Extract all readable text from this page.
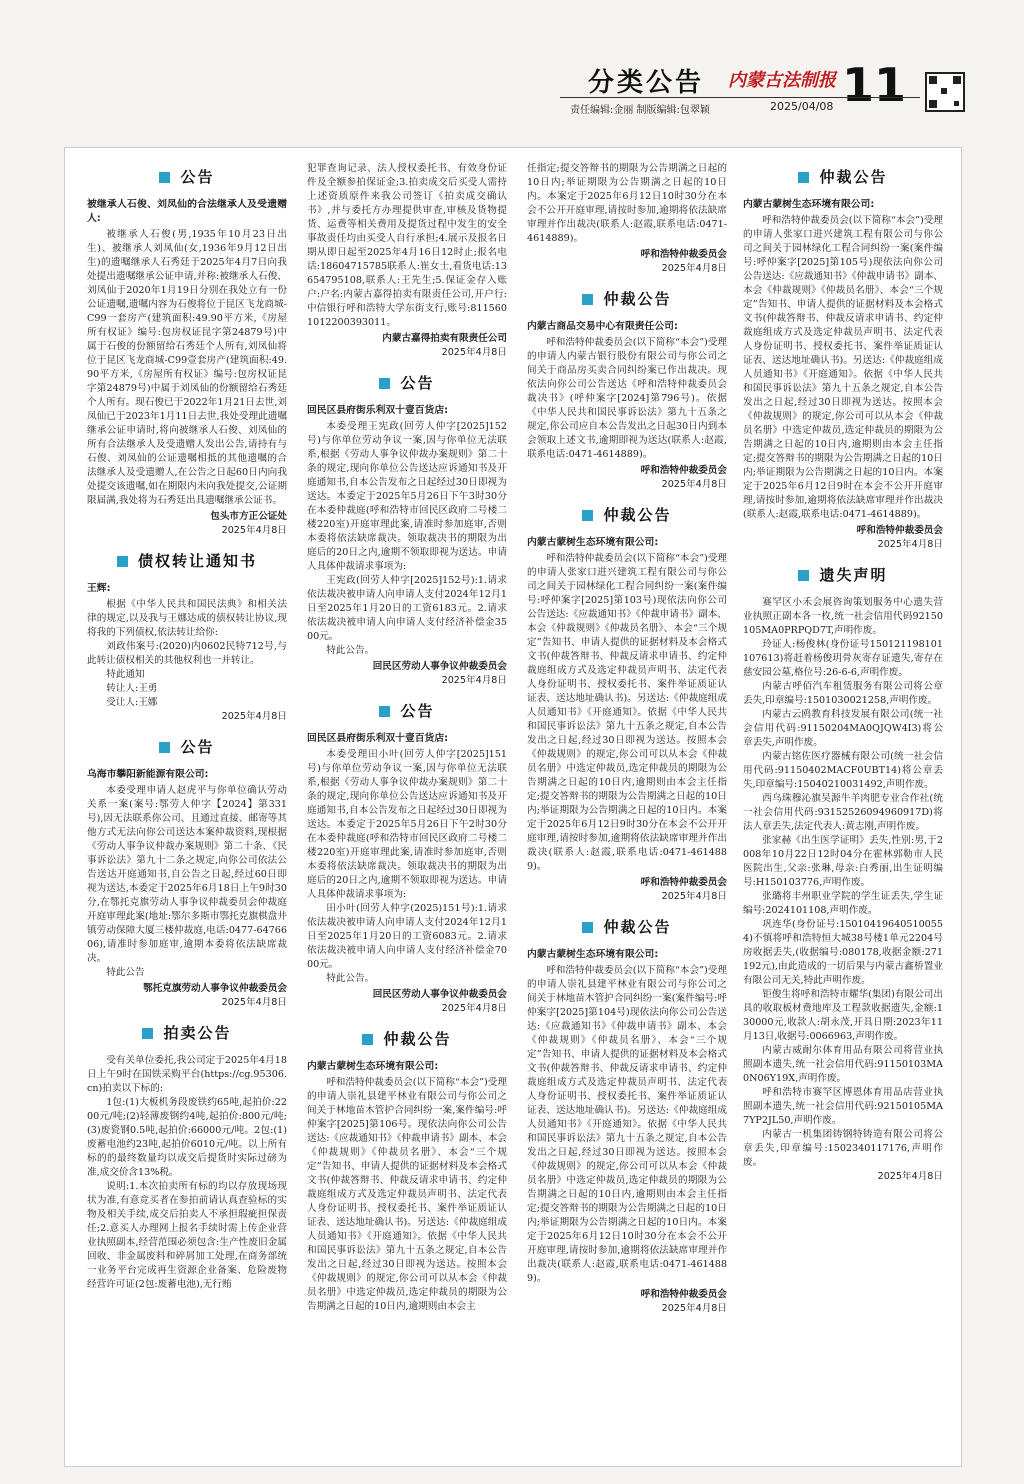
分类公告 内蒙古法制报 11
责任编辑:金丽 制版编辑:包翠颖	2025/04/08
公告
被继承人石俊、刘凤仙的合法继承人及受遗赠人:

被继承人石俊(男,1935年10月23日出生)、被继承人刘凤仙(女,1936年9月12日出生)的遗嘱继承人石秀廷于2025年4月7日向我处提出遗嘱继承公证申请,并称:被继承人石俊、刘凤仙于2020年1月19日分别在我处立有一份公证遗嘱,遗嘱内容为石俊将位于昆区飞龙商城-C99一套房产(建筑面积:49.90平方米,《房屋所有权证》编号:包房权证昆字第24879号)中属于石俊的份额留给石秀廷个人所有,刘凤仙将位于昆区飞龙商城-C99壹套房产(建筑面积:49.90平方米,《房屋所有权证》编号:包房权证昆字第24879号)中属于刘凤仙的份额留给石秀廷个人所有。现石俊已于2022年1月21日去世,刘凤仙已于2023年1月11日去世,我处受理此遗嘱继承公证申请时,将向被继承人石俊、刘凤仙的所有合法继承人及受遗赠人发出公告,请持有与石俊、刘凤仙的公证遗嘱相抵的其他遗嘱的合法继承人及受遗赠人,在公告之日起60日内向我处提交该遗嘱,如在期限内未向我处提交,公证期限届满,我处将为石秀廷出具遗嘱继承公证书。

包头市方正公证处

2025年4月8日

债权转让通知书
王辉:

根据《中华人民共和国民法典》和相关法律的规定,以及我与王娜达成的债权转让协议,现将我的下列债权,依法转让给你:

刘政伟案号:(2020)内0602民特712号,与此转让债权相关的其他权利也一并转让。

特此通知

转让人:王勇

受让人:王娜

2025年4月8日

公告
乌海市攀阳新能源有限公司:

本委受理申请人赵虎平与你单位确认劳动关系一案(案号:鄂劳人仲字【2024】第331号),因无法联系你公司、且通过直接、邮寄等其他方式无法向你公司送达本案仲裁资料,现根据《劳动人事争议仲裁办案规则》第二十条、《民事诉讼法》第九十二条之规定,向你公司依法公告送达开庭通知书,自公告之日起,经过60日即视为送达,本委定于2025年6月18日上午9时30分,在鄂托克旗劳动人事争议仲裁委员会仲裁庭开庭审理此案(地址:鄂尔多斯市鄂托克旗棋盘井镇劳动保障大厦三楼仲裁庭,电话:0477-6476606),请准时参加庭审,逾期本委将依法缺席裁决。

特此公告

鄂托克旗劳动人事争议仲裁委员会

2025年4月8日

拍卖公告

受有关单位委托,我公司定于2025年4月18日上午9时在国铁采购平台(https://cg.95306.cn)拍卖以下标的:

1包:(1)大板机务段废铁约65吨,起拍价:2200元/吨;(2)轻薄废钢约4吨,起拍价:800元/吨;(3)废瓷钢0.5吨,起拍价:66000元/吨。2包:(1)废蓄电池约23吨,起拍价6010元/吨。以上所有标的的最终数量均以成交后提货时实际过磅为准,成交价含13%税。

说明:1.本次拍卖所有标的均以存放现场现状为准,有意竞买者在参拍前请认真查验标的实物及相关手续,成交后拍卖人不承担瑕疵担保责任;2.意买人办理网上报名手续时需上传企业营业执照副本,经营范围必须包含:生产性废旧金属回收、非金属废料和碎屑加工处理,在商务部统一业务平台完成再生资源企业备案、危险废物经营许可证(2包:废蓄电池),无行贿

犯罪查询记录、法人授权委托书、有效身份证件及全额参拍保证金;3.拍卖成交后买受人需持上述资质原件来我公司签订《拍卖成交确认书》,并与委托方办理提供审查,审核及货物提货、运费等相关费用及提货过程中发生的安全事故责任均由买受人自行承担;4.展示及报名日期从即日起至2025年4月16日12时止;报名电话:18604715785联系人:崔女士,看货电话:13654795108,联系人:王先生;5.保证金存入账户:户名:内蒙古嘉得拍卖有限责任公司,开户行:中信银行呼和浩特大学东街支行,账号:8115601012200393011。

内蒙古嘉得拍卖有限责任公司

2025年4月8日

公告
回民区县府街乐利双十壹百货店:

本委受理王宪政(回劳人仲字[2025]152号)与你单位劳动争议一案,因与你单位无法联系,根据《劳动人事争议仲裁办案规则》第二十条的规定,现向你单位公告送达应诉通知书及开庭通知书,自本公告发布之日起经过30日即视为送达。本委定于2025年5月26日下午3时30分在本委仲裁庭(呼和浩特市回民区政府二号楼二楼220室)开庭审理此案,请准时参加庭审,否则本委将依法缺席裁决。领取裁决书的期限为出庭后的20日之内,逾期不领取即视为送达。申请人具体仲裁请求事项为:

王宪政(回劳人仲字[2025]152号):1.请求依法裁决被申请人向申请人支付2024年12月1日至2025年1月20日的工资6183元。2.请求依法裁决被申请人向申请人支付经济补偿金3500元。

特此公告。

回民区劳动人事争议仲裁委员会

2025年4月8日

公告
回民区县府街乐利双十壹百货店:

本委受理田小叶(回劳人仲字[2025]151号)与你单位劳动争议一案,因与你单位无法联系,根据《劳动人事争议仲裁办案规则》第二十条的规定,现向你单位公告送达应诉通知书及开庭通知书,自本公告发布之日起经过30日即视为送达。本委定于2025年5月26日下午2时30分在本委仲裁庭(呼和浩特市回民区政府二号楼二楼220室)开庭审理此案,请准时参加庭审,否则本委将依法缺席裁决。领取裁决书的期限为出庭后的20日之内,逾期不领取即视为送达。申请人具体仲裁请求事项为:

田小叶(回劳人仲字(2025)151号):1.请求依法裁决被申请人向申请人支付2024年12月1日至2025年1月20日的工资6083元。2.请求依法裁决被申请人向申请人支付经济补偿金7000元。

特此公告。

回民区劳动人事争议仲裁委员会

2025年4月8日

仲裁公告
内蒙古蒙树生态环境有限公司:

呼和浩特仲裁委员会(以下简称“本会”)受理的申请人崇礼县建平林业有限公司与你公司之间关于林地苗木管护合同纠纷一案,案件编号:呼仲案字[2025]第106号。现依法向你公司公告送达:《应裁通知书》《仲裁申请书》副本、本会《仲裁规则》《仲裁员名册》、本会“三个规定”告知书、申请人提供的证据材料及本会格式文书(仲裁答辩书、仲裁反请求申请书、约定仲裁庭组成方式及选定仲裁员声明书、法定代表人身份证明书、授权委托书、案件举证质证认证表、送达地址确认书)。另送达:《仲裁庭组成人员通知书》《开庭通知》。依据《中华人民共和国民事诉讼法》第九十五条之规定,自本公告发出之日起,经过30日即视为送达。按照本会《仲裁规则》的规定,你公司可以从本会《仲裁员名册》中选定仲裁员,选定仲裁员的期限为公告期满之日起的10日内,逾期则由本会主

任指定;提交答辩书的期限为公告期满之日起的10日内;举证期限为公告期满之日起的10日内。本案定于2025年6月12日10时30分在本会不公开开庭审理,请按时参加,逾期将依法缺席审理并作出裁决(联系人:赵霞,联系电话:0471-4614889)。

呼和浩特仲裁委员会

2025年4月8日

仲裁公告
内蒙古商品交易中心有限责任公司:

呼和浩特仲裁委员会(以下简称“本会”)受理的申请人内蒙古银行股份有限公司与你公司之间关于商品房买卖合同纠纷案已作出裁决。现依法向你公司公告送达《呼和浩特仲裁委员会裁决书》(呼仲案字[2024]第796号)。依据《中华人民共和国民事诉讼法》第九十五条之规定,你公司应自本公告发出之日起30日内到本会领取上述文书,逾期即视为送达(联系人:赵霞,联系电话:0471-4614889)。

呼和浩特仲裁委员会

2025年4月8日

仲裁公告
内蒙古蒙树生态环境有限公司:

呼和浩特仲裁委员会(以下简称“本会”)受理的申请人张家口进兴建筑工程有限公司与你公司之间关于园林绿化工程合同纠纷一案(案件编号:呼仲案字[2025]第103号)现依法向你公司公告送达:《应裁通知书》《仲裁申请书》副本、本会《仲裁规则》《仲裁员名册》、本会“三个规定”告知书、申请人提供的证据材料及本会格式文书(仲裁答辩书、仲裁反请求申请书、约定仲裁庭组成方式及选定仲裁员声明书、法定代表人身份证明书、授权委托书、案件举证质证认证表、送达地址确认书)。另送达:《仲裁庭组成人员通知书》《开庭通知》。依据《中华人民共和国民事诉讼法》第九十五条之规定,自本公告发出之日起,经过30日即视为送达。按照本会《仲裁规则》的规定,你公司可以从本会《仲裁员名册》中选定仲裁员,选定仲裁员的期限为公告期满之日起的10日内,逾期则由本会主任指定;提交答辩书的期限为公告期满之日起的10日内;举证期限为公告期满之日起的10日内。本案定于2025年6月12日9时30分在本会不公开开庭审理,请按时参加,逾期将依法缺席审理并作出裁决(联系人:赵霞,联系电话:0471-4614889)。

呼和浩特仲裁委员会

2025年4月8日

仲裁公告
内蒙古蒙树生态环境有限公司:

呼和浩特仲裁委员会(以下简称“本会”)受理的申请人崇礼县建平林业有限公司与你公司之间关于林地苗木管护合同纠纷一案(案件编号:呼仲案字[2025]第104号)现依法向你公司公告送达:《应裁通知书》《仲裁申请书》副本、本会《仲裁规则》《仲裁员名册》、本会“三个规定”告知书、申请人提供的证据材料及本会格式文书(仲裁答辩书、仲裁反请求申请书、约定仲裁庭组成方式及选定仲裁员声明书、法定代表人身份证明书、授权委托书、案件举证质证认证表、送达地址确认书)。另送达:《仲裁庭组成人员通知书》《开庭通知》。依据《中华人民共和国民事诉讼法》第九十五条之规定,自本公告发出之日起,经过30日即视为送达。按照本会《仲裁规则》的规定,你公司可以从本会《仲裁员名册》中选定仲裁员,选定仲裁员的期限为公告期满之日起的10日内,逾期则由本会主任指定;提交答辩书的期限为公告期满之日起的10日内;举证期限为公告期满之日起的10日内。本案定于2025年6月12日10时30分在本会不公开开庭审理,请按时参加,逾期将依法缺席审理并作出裁决(联系人:赵霞,联系电话:0471-4614889)。

呼和浩特仲裁委员会

2025年4月8日

仲裁公告
内蒙古蒙树生态环境有限公司:

呼和浩特仲裁委员会(以下简称“本会”)受理的申请人张家口进兴建筑工程有限公司与你公司之间关于园林绿化工程合同纠纷一案(案件编号:呼仲案字[2025]第105号)现依法向你公司公告送达:《应裁通知书》《仲裁申请书》副本、本会《仲裁规则》《仲裁员名册》、本会“三个规定”告知书、申请人提供的证据材料及本会格式文书(仲裁答辩书、仲裁反请求申请书、约定仲裁庭组成方式及选定仲裁员声明书、法定代表人身份证明书、授权委托书、案件举证质证认证表、送达地址确认书)。另送达:《仲裁庭组成人员通知书》《开庭通知》。依据《中华人民共和国民事诉讼法》第九十五条之规定,自本公告发出之日起,经过30日即视为送达。按照本会《仲裁规则》的规定,你公司可以从本会《仲裁员名册》中选定仲裁员,选定仲裁员的期限为公告期满之日起的10日内,逾期则由本会主任指定;提交答辩书的期限为公告期满之日起的10日内;举证期限为公告期满之日起的10日内。本案定于2025年6月12日9时在本会不公开开庭审理,请按时参加,逾期将依法缺席审理并作出裁决(联系人:赵霞,联系电话:0471-4614889)。

呼和浩特仲裁委员会

2025年4月8日

遗失声明

赛罕区小禾会展咨询策划服务中心遗失营业执照正副本各一枚,统一社会信用代码92150105MA0PRPQD7T,声明作废。

玲证人:杨俊林(身份证号150121198101107613)将赶着杨俊玥骨灰寄存证遗失,寄存在慈安园公墓,格位号:26-6-6,声明作废。

内蒙古呼佰汽车租赁服务有限公司将公章丢失,印章编号:1501030021258,声明作废。

内蒙古云鸥教育科技发展有限公司(统一社会信用代码:91150204MA0QJQW4I3)将公章丢失,声明作废。

内蒙古铭佐医疗器械有限公司(统一社会信用代码:91150402MACF0UBT14)将公章丢失,印章编号:15040210031492,声明作废。

西乌珠穆沁旗吴源牛羊肉肥专业合作社(统一社会信用代码:93152526094960917D)将法人章丢失,法定代表人:黄志刚,声明作废。

张家赫《出生医学证明》丢失,性别:男,于2008年10月22日12时04分在霍林郭勒市人民医院出生,父亲:张琳,母亲:白秀丽,出生证明编号:H150103776,声明作废。

张璐将丰州职业学院的学生证丢失,学生证编号:2024101108,声明作废。

巩连华(身份证号:150104196405100554)不慎将呼和浩特恒大城38号楼1单元2204号房收据丢失,(收据编号:080178,收据金额:271192元),由此造成的一切后果与内蒙古鑫桥置业有限公司无关,特此声明作废。

钜俊生将呼和浩特市耀华(集团)有限公司出具的收取板材费地库及工程款收据遗失,金额:130000元,收款人:胡永茂,开具日期:2023年11月13日,收据号:0066963,声明作废。

内蒙古威耐尔体育用品有限公司将营业执照副本遗失,统一社会信用代码:91150103MA0N06Y19X,声明作废。

呼和浩特市赛罕区博恩体育用品店营业执照副本遗失,统一社会信用代码:92150105MA7YP2JL50,声明作废。

内蒙古一机集团铸钢特铸造有限公司将公章丢失,印章编号:1502340117176,声明作废。

2025年4月8日
